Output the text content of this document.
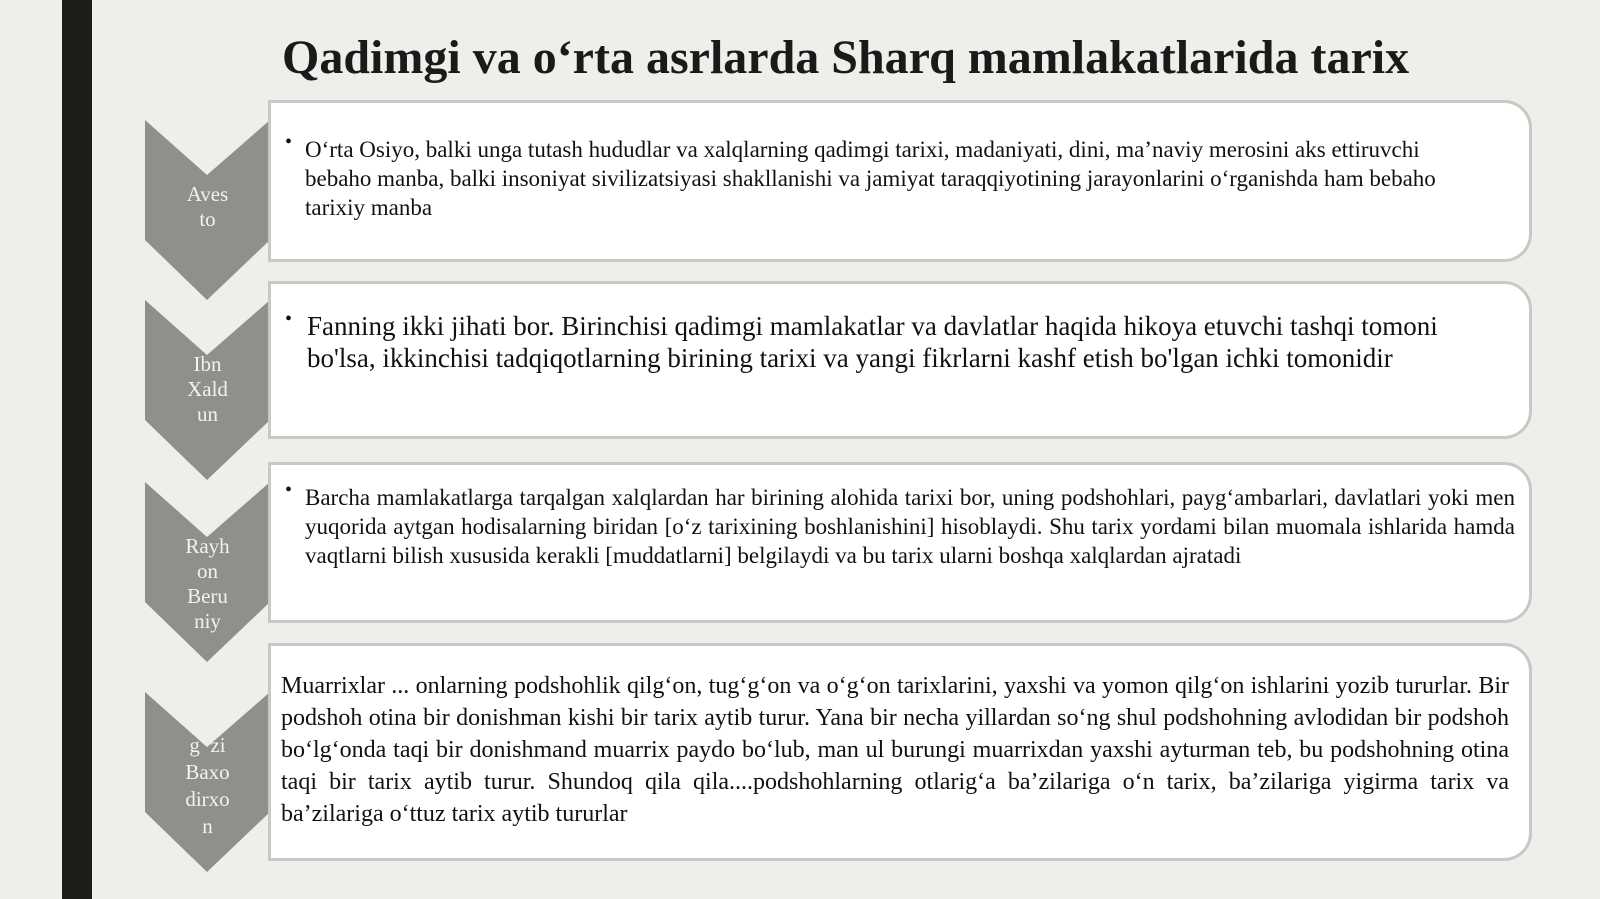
Qadimgi va o‘rta asrlarda Sharq mamlakatlarida tarix
Aves
to
• O‘rta Osiyo, balki unga tutash hududlar va xalqlarning qadimgi tarixi, madaniyati, dini, ma’naviy merosini aks ettiruvchi bebaho manba, balki insoniyat sivilizatsiyasi shakllanishi va jamiyat taraqqiyotining jarayonlarini o‘rganishda ham bebaho tarixiy manba
Ibn
Xald
un
• Fanning ikki jihati bor. Birinchisi qadimgi mamlakatlar va davlatlar haqida hikoya etuvchi tashqi tomoni bo'lsa, ikkinchisi tadqiqotlarning birining tarixi va yangi fikrlarni kashf etish bo'lgan ichki tomonidir
Rayh
on
Beru
niy
• Barcha mamlakatlarga tarqalgan xalqlardan har birining alohida tarixi bor, uning podshohlari, payg‘ambarlari, davlatlari yoki men yuqorida aytgan hodisalarning biridan [o‘z tarixining boshlanishini] hisoblaydi. Shu tarix yordami bilan muomala ishlarida hamda vaqtlarni bilish xususida kerakli [muddatlarni] belgilaydi va bu tarix ularni boshqa xalqlardan ajratadi
g  zi
Baxo
dirxo
n
Muarrixlar ... onlarning podshohlik qilg‘on, tug‘g‘on va o‘g‘on tarixlarini, yaxshi va yomon qilg‘on ishlarini yozib tururlar. Bir podshoh otina bir donishman kishi bir tarix aytib turur. Yana bir necha yillardan so‘ng shul podshohning avlodidan bir podshoh bo‘lg‘onda taqi bir donishmand muarrix paydo bo‘lub, man ul burungi muarrixdan yaxshi ayturman teb, bu podshohning otina taqi bir tarix aytib turur. Shundoq qila qila....podshohlarning otlarig‘a ba’zilariga o‘n tarix, ba’zilariga yigirma tarix va ba’zilariga o‘ttuz tarix aytib tururlar
